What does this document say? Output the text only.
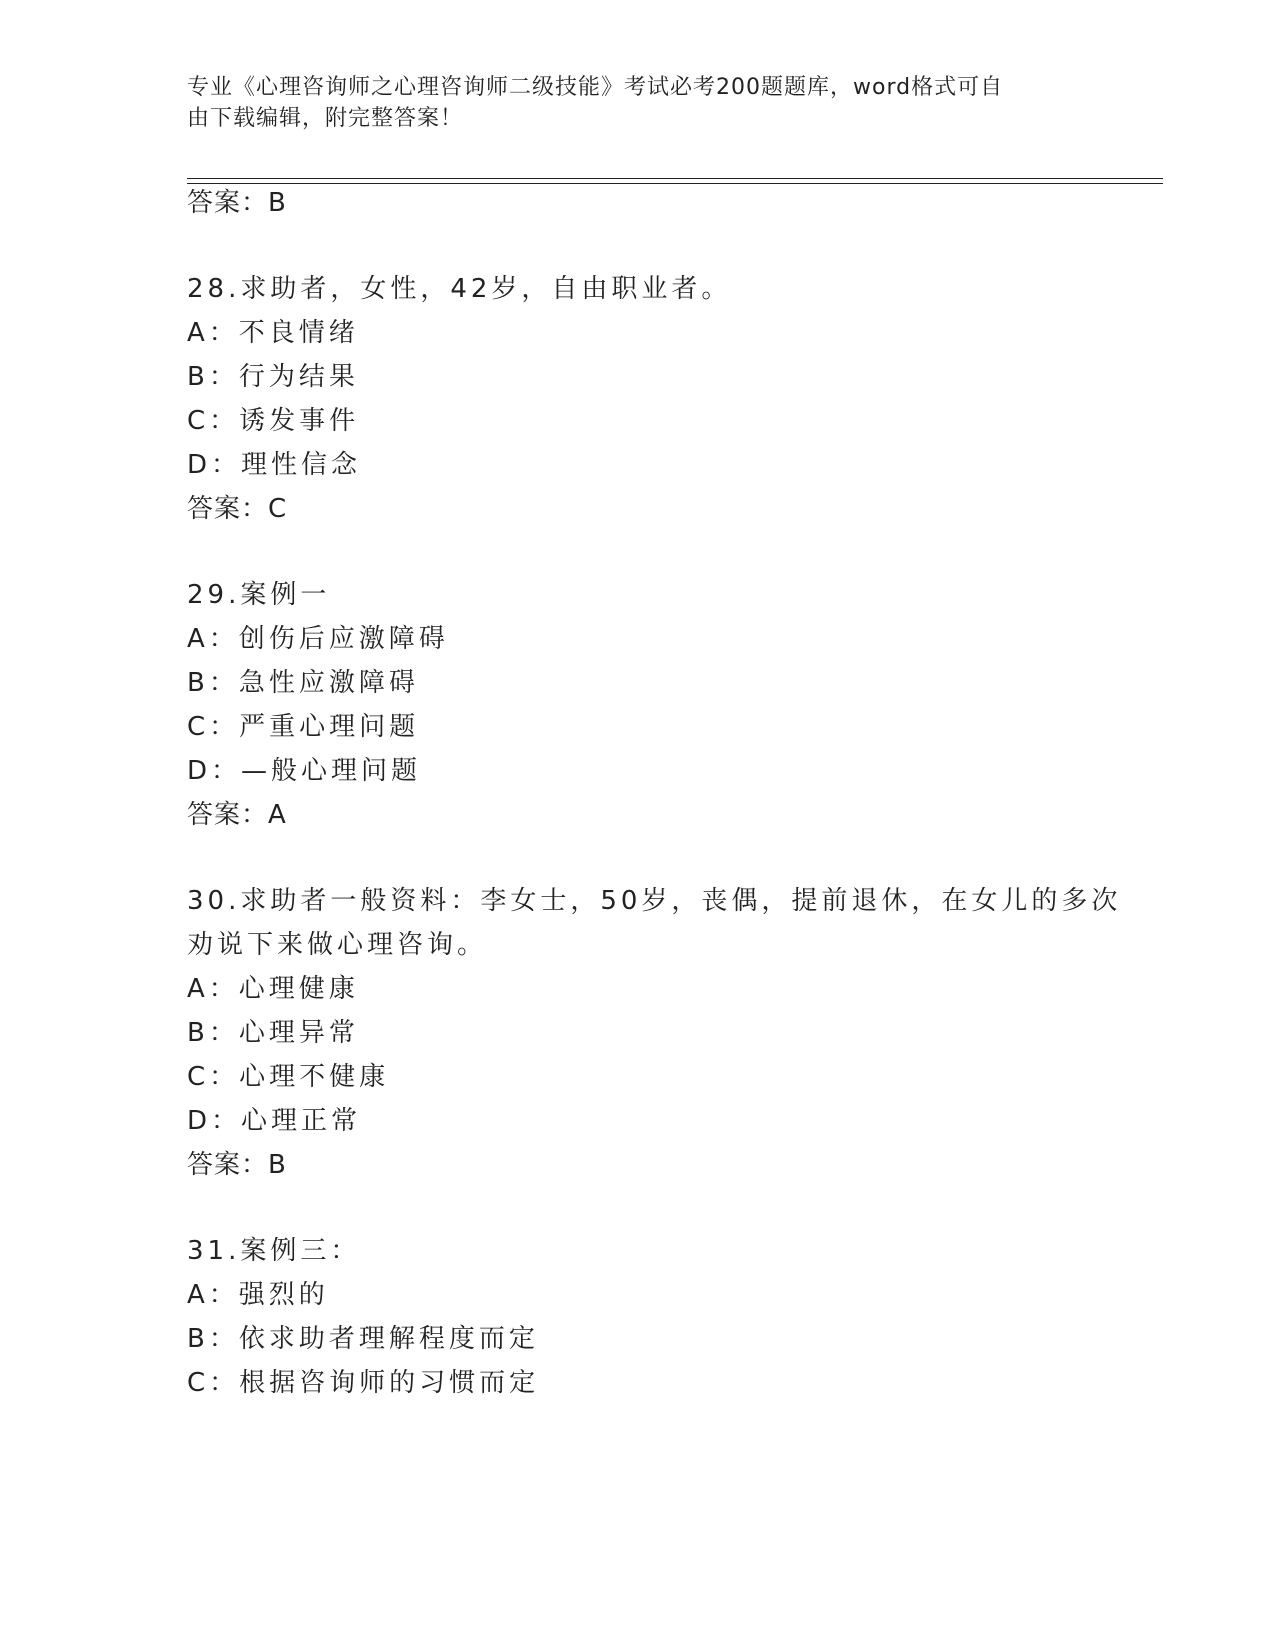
专业《心理咨询师之心理咨询师二级技能》考试必考200题题库，word格式可自
由下载编辑，附完整答案！
答案：B
28.求助者，女性，42岁，自由职业者。
A：不良情绪
B：行为结果
C：诱发事件
D：理性信念
答案：C
29.案例一
A：创伤后应激障碍
B：急性应激障碍
C：严重心理问题
D：—般心理问题
答案：A
30.求助者一般资料：李女士，50岁，丧偶，提前退休，在女儿的多次
劝说下来做心理咨询。
A：心理健康
B：心理异常
C：心理不健康
D：心理正常
答案：B
31.案例三：
A：强烈的
B：依求助者理解程度而定
C：根据咨询师的习惯而定
